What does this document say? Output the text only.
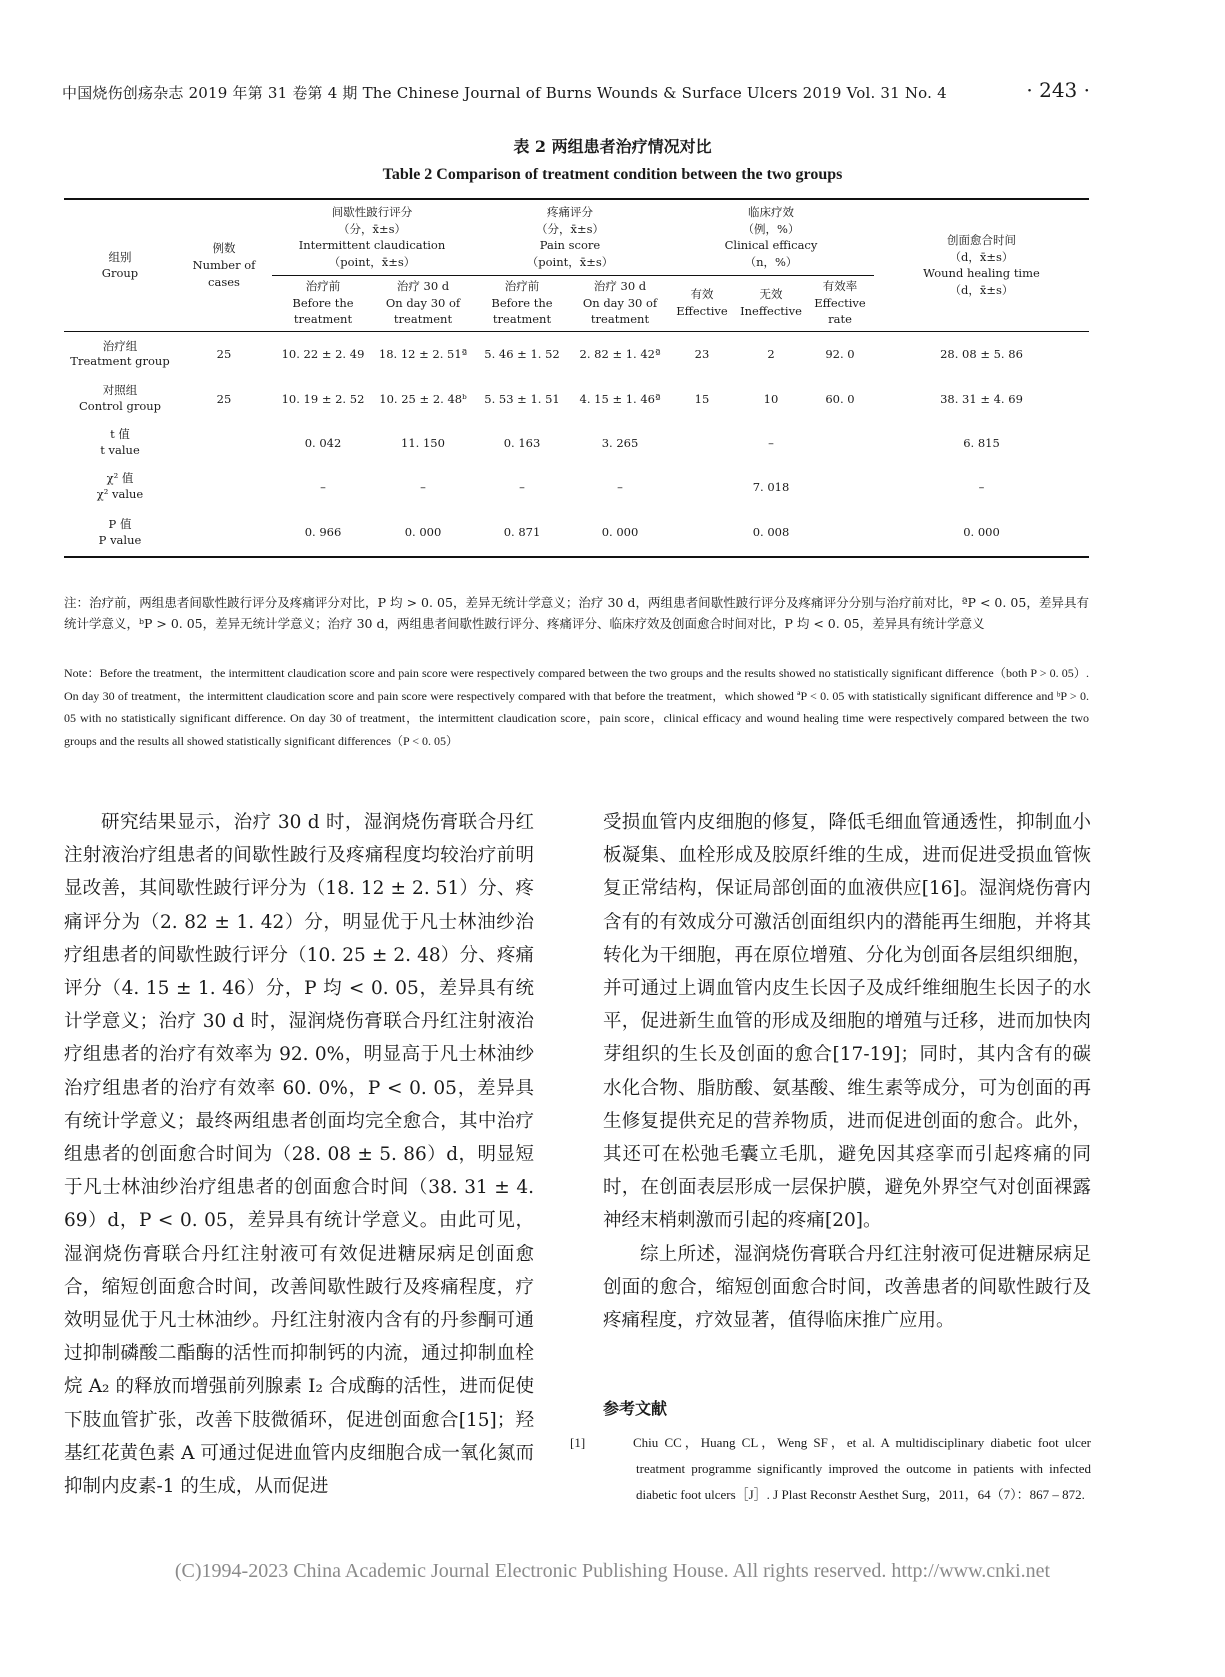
中国烧伤创疡杂志 2019 年第 31 卷第 4 期 The Chinese Journal of Burns Wounds & Surface Ulcers 2019 Vol. 31 No. 4	· 243 ·
表 2 两组患者治疗情况对比
Table 2 Comparison of treatment condition between the two groups
组别
Group	例数
Number of
cases	间歇性跛行评分
（分，x̄±s）
Intermittent claudication
（point，x̄±s）		疼痛评分
（分，x̄±s）
Pain score
（point，x̄±s）		临床疗效
（例，%）
Clinical efficacy
（n，%）			创面愈合时间
（d，x̄±s）
Wound healing time
（d，x̄±s）
		治疗前
Before the
treatment	治疗 30 d
On day 30 of
treatment	治疗前
Before the
treatment	治疗 30 d
On day 30 of
treatment	有效
Effective	无效
Ineffective	有效率
Effective
rate	
治疗组
Treatment group	25	10. 22 ± 2. 49	18. 12 ± 2. 51ª	5. 46 ± 1. 52	2. 82 ± 1. 42ª	23	2	92. 0	28. 08 ± 5. 86
对照组
Control group	25	10. 19 ± 2. 52	10. 25 ± 2. 48ᵇ	5. 53 ± 1. 51	4. 15 ± 1. 46ª	15	10	60. 0	38. 31 ± 4. 69
t 值
t value		0. 042	11. 150	0. 163	3. 265	–			6. 815
χ² 值
χ² value		–	–	–	–	7. 018			–
P 值
P value		0. 966	0. 000	0. 871	0. 000	0. 008			0. 000
注：治疗前，两组患者间歇性跛行评分及疼痛评分对比，P 均 > 0. 05，差异无统计学意义；治疗 30 d，两组患者间歇性跛行评分及疼痛评分分别与治疗前对比，ªP < 0. 05，差异具有统计学意义，ᵇP > 0. 05，差异无统计学意义；治疗 30 d，两组患者间歇性跛行评分、疼痛评分、临床疗效及创面愈合时间对比，P 均 < 0. 05，差异具有统计学意义
Note：Before the treatment，the intermittent claudication score and pain score were respectively compared between the two groups and the results showed no statistically significant difference（both P > 0. 05）. On day 30 of treatment，the intermittent claudication score and pain score were respectively compared with that before the treatment，which showed ªP < 0. 05 with statistically significant difference and ᵇP > 0. 05 with no statistically significant difference. On day 30 of treatment，the intermittent claudication score，pain score，clinical efficacy and wound healing time were respectively compared between the two groups and the results all showed statistically significant differences（P < 0. 05）

研究结果显示，治疗 30 d 时，湿润烧伤膏联合丹红注射液治疗组患者的间歇性跛行及疼痛程度均较治疗前明显改善，其间歇性跛行评分为（18. 12 ± 2. 51）分、疼痛评分为（2. 82 ± 1. 42）分，明显优于凡士林油纱治疗组患者的间歇性跛行评分（10. 25 ± 2. 48）分、疼痛评分（4. 15 ± 1. 46）分，P 均 < 0. 05，差异具有统计学意义；治疗 30 d 时，湿润烧伤膏联合丹红注射液治疗组患者的治疗有效率为 92. 0%，明显高于凡士林油纱治疗组患者的治疗有效率 60. 0%，P < 0. 05，差异具有统计学意义；最终两组患者创面均完全愈合，其中治疗组患者的创面愈合时间为（28. 08 ± 5. 86）d，明显短于凡士林油纱治疗组患者的创面愈合时间（38. 31 ± 4. 69）d，P < 0. 05，差异具有统计学意义。由此可见，湿润烧伤膏联合丹红注射液可有效促进糖尿病足创面愈合，缩短创面愈合时间，改善间歇性跛行及疼痛程度，疗效明显优于凡士林油纱。丹红注射液内含有的丹参酮可通过抑制磷酸二酯酶的活性而抑制钙的内流，通过抑制血栓烷 A₂ 的释放而增强前列腺素 I₂ 合成酶的活性，进而促使下肢血管扩张，改善下肢微循环，促进创面愈合[15]；羟基红花黄色素 A 可通过促进血管内皮细胞合成一氧化氮而抑制内皮素-1 的生成，从而促进

受损血管内皮细胞的修复，降低毛细血管通透性，抑制血小板凝集、血栓形成及胶原纤维的生成，进而促进受损血管恢复正常结构，保证局部创面的血液供应[16]。湿润烧伤膏内含有的有效成分可激活创面组织内的潜能再生细胞，并将其转化为干细胞，再在原位增殖、分化为创面各层组织细胞，并可通过上调血管内皮生长因子及成纤维细胞生长因子的水平，促进新生血管的形成及细胞的增殖与迁移，进而加快肉芽组织的生长及创面的愈合[17-19]；同时，其内含有的碳水化合物、脂肪酸、氨基酸、维生素等成分，可为创面的再生修复提供充足的营养物质，进而促进创面的愈合。此外，其还可在松弛毛囊立毛肌，避免因其痉挛而引起疼痛的同时，在创面表层形成一层保护膜，避免外界空气对创面裸露神经末梢刺激而引起的疼痛[20]。

综上所述，湿润烧伤膏联合丹红注射液可促进糖尿病足创面的愈合，缩短创面愈合时间，改善患者的间歇性跛行及疼痛程度，疗效显著，值得临床推广应用。

参考文献
[1]	Chiu CC，Huang CL，Weng SF，et al. A multidisciplinary diabetic foot ulcer treatment programme significantly improved the outcome in patients with infected diabetic foot ulcers［J］. J Plast Reconstr Aesthet Surg，2011，64（7）：867 – 872.
(C)1994-2023 China Academic Journal Electronic Publishing House. All rights reserved. http://www.cnki.net
